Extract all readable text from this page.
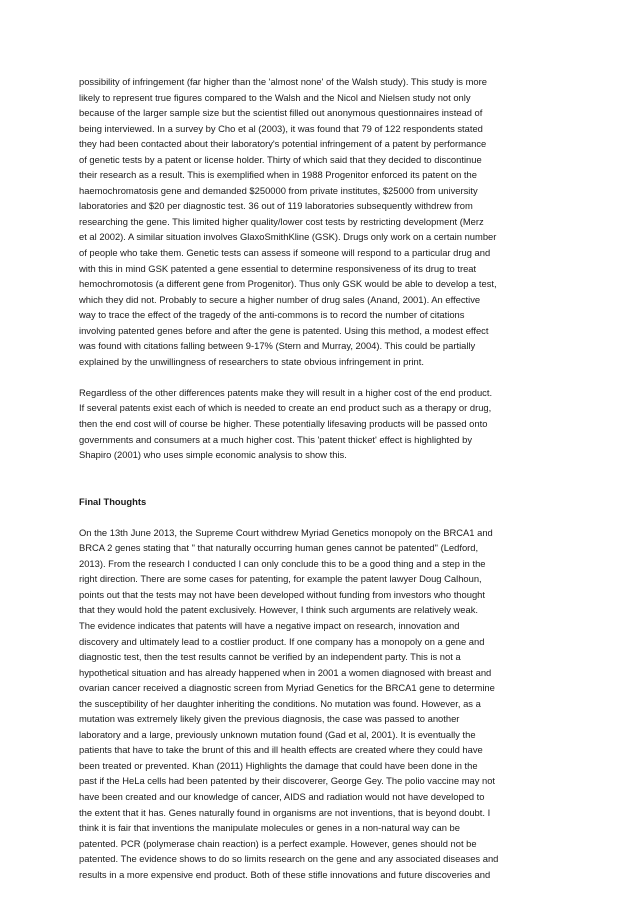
possibility of infringement (far higher than the 'almost none' of the Walsh study). This study is more
likely to represent true figures compared to the Walsh and the Nicol and Nielsen study not only
because of the larger sample size but the scientist filled out anonymous questionnaires instead of
being interviewed. In a survey by Cho et al (2003), it was found that 79 of 122 respondents stated
they had been contacted about their laboratory's potential infringement of a patent by performance
of genetic tests by a patent or license holder. Thirty of which said that they decided to discontinue
their research as a result. This is exemplified when in 1988 Progenitor enforced its patent on the
haemochromatosis gene and demanded $250000 from private institutes, $25000 from university
laboratories and $20 per diagnostic test. 36 out of 119 laboratories subsequently withdrew from
researching the gene. This limited higher quality/lower cost tests by restricting development (Merz
et al 2002). A similar situation involves GlaxoSmithKline (GSK). Drugs only work on a certain number
of people who take them. Genetic tests can assess if someone will respond to a particular drug and
with this in mind GSK patented a gene essential to determine responsiveness of its drug to treat
hemochromotosis (a different gene from Progenitor). Thus only GSK would be able to develop a test,
which they did not. Probably to secure a higher number of drug sales (Anand, 2001). An effective
way to trace the effect of the tragedy of the anti-commons is to record the number of citations
involving patented genes before and after the gene is patented. Using this method, a modest effect
was found with citations falling between 9-17% (Stern and Murray, 2004). This could be partially
explained by the unwillingness of researchers to state obvious infringement in print.
Regardless of the other differences patents make they will result in a higher cost of the end product.
If several patents exist each of which is needed to create an end product such as a therapy or drug,
then the end cost will of course be higher. These potentially lifesaving products will be passed onto
governments and consumers at a much higher cost. This 'patent thicket' effect is highlighted by
Shapiro (2001) who uses simple economic analysis to show this.
Final Thoughts
On the 13th June 2013, the Supreme Court withdrew Myriad Genetics monopoly on the BRCA1 and
BRCA 2 genes stating that " that naturally occurring human genes cannot be patented" (Ledford,
2013). From the research I conducted I can only conclude this to be a good thing and a step in the
right direction. There are some cases for patenting, for example the patent lawyer Doug Calhoun,
points out that the tests may not have been developed without funding from investors who thought
that they would hold the patent exclusively. However, I think such arguments are relatively weak.
The evidence indicates that patents will have a negative impact on research, innovation and
discovery and ultimately lead to a costlier product. If one company has a monopoly on a gene and
diagnostic test, then the test results cannot be verified by an independent party. This is not a
hypothetical situation and has already happened when in 2001 a women diagnosed with breast and
ovarian cancer received a diagnostic screen from Myriad Genetics for the BRCA1 gene to determine
the susceptibility of her daughter inheriting the conditions. No mutation was found. However, as a
mutation was extremely likely given the previous diagnosis, the case was passed to another
laboratory and a large, previously unknown mutation found (Gad et al, 2001). It is eventually the
patients that have to take the brunt of this and ill health effects are created where they could have
been treated or prevented. Khan (2011) Highlights the damage that could have been done in the
past if the HeLa cells had been patented by their discoverer, George Gey. The polio vaccine may not
have been created and our knowledge of cancer, AIDS and radiation would not have developed to
the extent that it has. Genes naturally found in organisms are not inventions, that is beyond doubt. I
think it is fair that inventions the manipulate molecules or genes in a non-natural way can be
patented. PCR (polymerase chain reaction) is a perfect example. However, genes should not be
patented. The evidence shows to do so limits research on the gene and any associated diseases and
results in a more expensive end product. Both of these stifle innovations and future discoveries and
